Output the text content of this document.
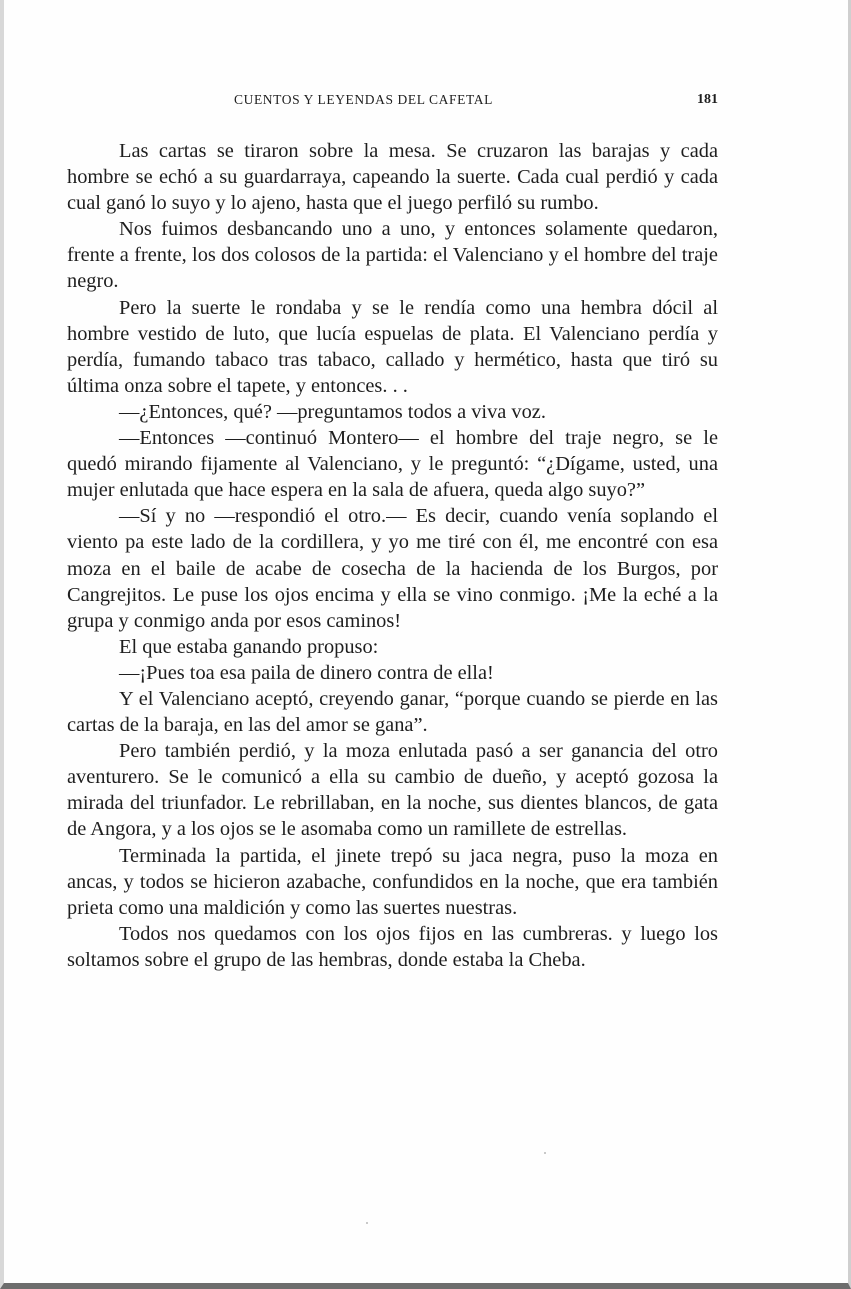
CUENTOS Y LEYENDAS DEL CAFETAL	181

Las cartas se tiraron sobre la mesa. Se cruzaron las barajas y cada hombre se echó a su guardarraya, capeando la suerte. Cada cual perdió y cada cual ganó lo suyo y lo ajeno, hasta que el juego perfiló su rumbo.

Nos fuimos desbancando uno a uno, y entonces solamente quedaron, frente a frente, los dos colosos de la partida: el Valenciano y el hombre del traje negro.

Pero la suerte le rondaba y se le rendía como una hembra dócil al hombre vestido de luto, que lucía espuelas de plata. El Valenciano perdía y perdía, fumando tabaco tras tabaco, callado y hermético, hasta que tiró su última onza sobre el tapete, y entonces. . .

—¿Entonces, qué? —preguntamos todos a viva voz.

—Entonces —continuó Montero— el hombre del traje negro, se le quedó mirando fijamente al Valenciano, y le preguntó: “¿Dígame, usted, una mujer enlutada que hace espera en la sala de afuera, queda algo suyo?”

—Sí y no —respondió el otro.— Es decir, cuando venía soplando el viento pa este lado de la cordillera, y yo me tiré con él, me encontré con esa moza en el baile de acabe de cosecha de la hacienda de los Burgos, por Cangrejitos. Le puse los ojos encima y ella se vino conmigo. ¡Me la eché a la grupa y conmigo anda por esos caminos!

El que estaba ganando propuso:

—¡Pues toa esa paila de dinero contra de ella!

Y el Valenciano aceptó, creyendo ganar, “porque cuando se pierde en las cartas de la baraja, en las del amor se gana”.

Pero también perdió, y la moza enlutada pasó a ser ganancia del otro aventurero. Se le comunicó a ella su cambio de dueño, y aceptó gozosa la mirada del triunfador. Le rebrillaban, en la noche, sus dientes blancos, de gata de Angora, y a los ojos se le asomaba como un ramillete de estrellas.

Terminada la partida, el jinete trepó su jaca negra, puso la moza en ancas, y todos se hicieron azabache, confundidos en la noche, que era también prieta como una maldición y como las suertes nuestras.

Todos nos quedamos con los ojos fijos en las cumbreras. y luego los soltamos sobre el grupo de las hembras, donde estaba la Cheba.
